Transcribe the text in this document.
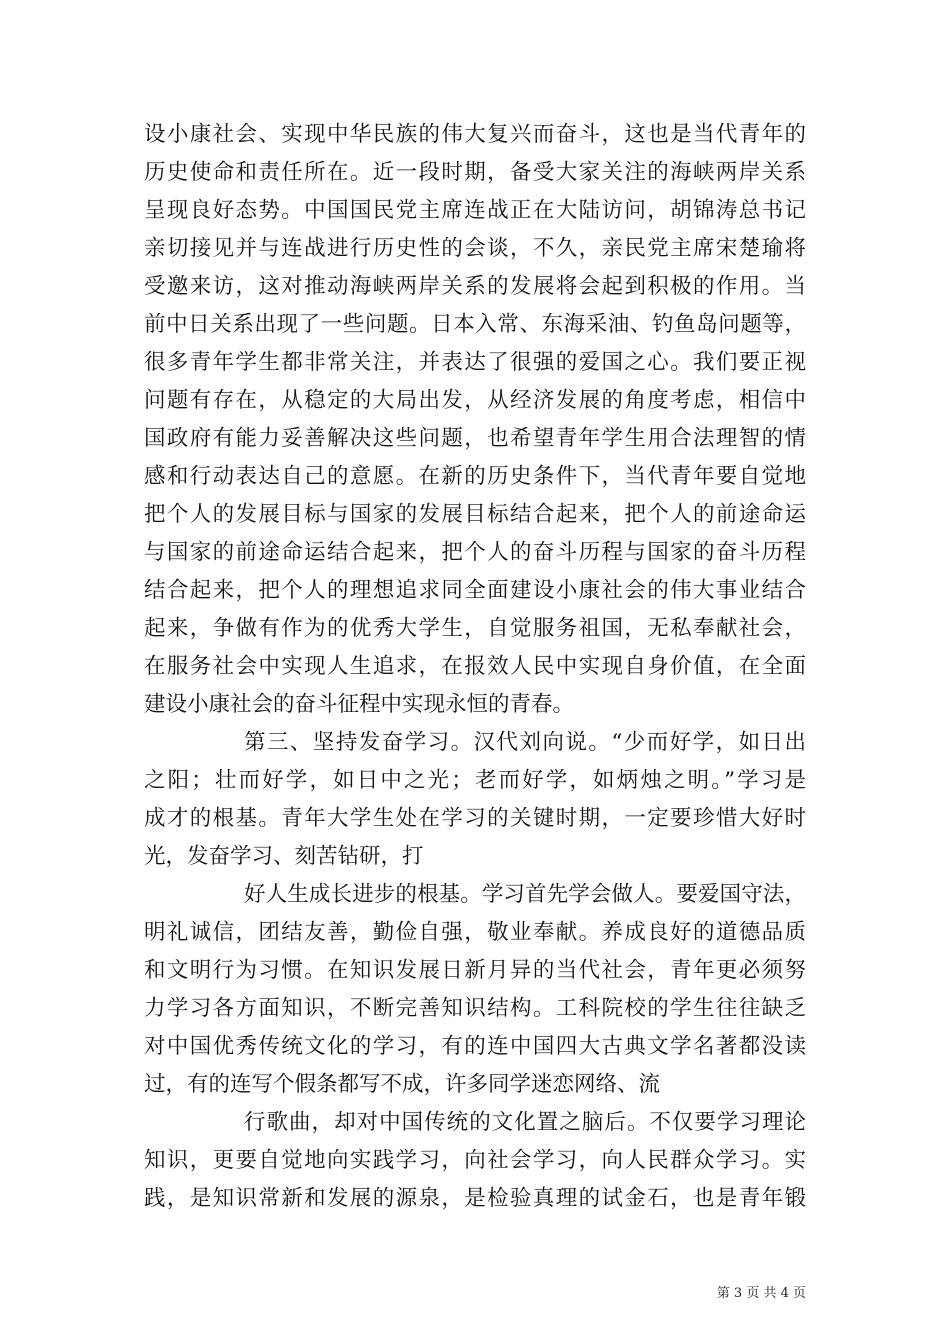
设小康社会、实现中华民族的伟大复兴而奋斗，这也是当代青年的
历史使命和责任所在。近一段时期，备受大家关注的海峡两岸关系
呈现良好态势。中国国民党主席连战正在大陆访问，胡锦涛总书记
亲切接见并与连战进行历史性的会谈，不久，亲民党主席宋楚瑜将
受邀来访，这对推动海峡两岸关系的发展将会起到积极的作用。当
前中日关系出现了一些问题。日本入常、东海采油、钓鱼岛问题等，
很多青年学生都非常关注，并表达了很强的爱国之心。我们要正视
问题有存在，从稳定的大局出发，从经济发展的角度考虑，相信中
国政府有能力妥善解决这些问题，也希望青年学生用合法理智的情
感和行动表达自己的意愿。在新的历史条件下，当代青年要自觉地
把个人的发展目标与国家的发展目标结合起来，把个人的前途命运
与国家的前途命运结合起来，把个人的奋斗历程与国家的奋斗历程
结合起来，把个人的理想追求同全面建设小康社会的伟大事业结合
起来，争做有作为的优秀大学生，自觉服务祖国，无私奉献社会，
在服务社会中实现人生追求，在报效人民中实现自身价值，在全面
建设小康社会的奋斗征程中实现永恒的青春。
第三、坚持发奋学习。汉代刘向说。“少而好学，如日出
之阳；壮而好学，如日中之光；老而好学，如炳烛之明。”学习是
成才的根基。青年大学生处在学习的关键时期，一定要珍惜大好时
光，发奋学习、刻苦钻研，打
好人生成长进步的根基。学习首先学会做人。要爱国守法，
明礼诚信，团结友善，勤俭自强，敬业奉献。养成良好的道德品质
和文明行为习惯。在知识发展日新月异的当代社会，青年更必须努
力学习各方面知识，不断完善知识结构。工科院校的学生往往缺乏
对中国优秀传统文化的学习，有的连中国四大古典文学名著都没读
过，有的连写个假条都写不成，许多同学迷恋网络、流
行歌曲，却对中国传统的文化置之脑后。不仅要学习理论
知识，更要自觉地向实践学习，向社会学习，向人民群众学习。实
践，是知识常新和发展的源泉，是检验真理的试金石，也是青年锻
第 3 页 共 4 页
